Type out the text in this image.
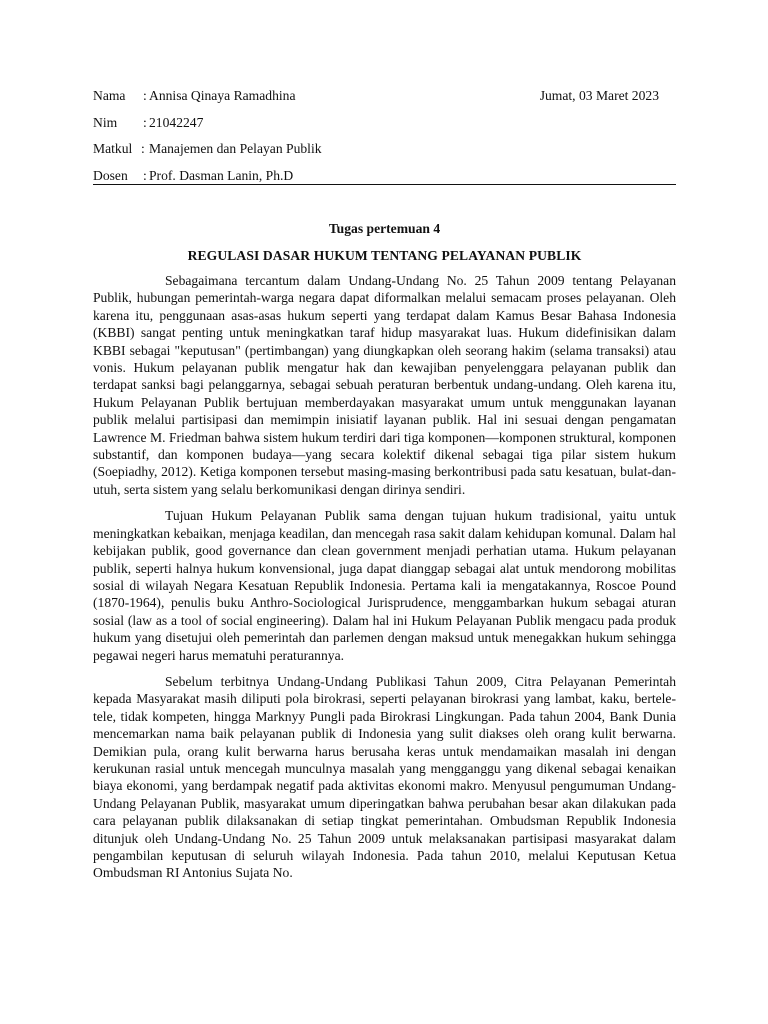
Nama : Annisa Qinaya Ramadhina	Jumat, 03 Maret 2023
Nim : 21042247
Matkul : Manajemen dan Pelayan Publik
Dosen : Prof. Dasman Lanin, Ph.D
Tugas pertemuan 4
REGULASI DASAR HUKUM TENTANG PELAYANAN PUBLIK

Sebagaimana tercantum dalam Undang-Undang No. 25 Tahun 2009 tentang Pelayanan Publik, hubungan pemerintah-warga negara dapat diformalkan melalui semacam proses pelayanan. Oleh karena itu, penggunaan asas-asas hukum seperti yang terdapat dalam Kamus Besar Bahasa Indonesia (KBBI) sangat penting untuk meningkatkan taraf hidup masyarakat luas. Hukum didefinisikan dalam KBBI sebagai "keputusan" (pertimbangan) yang diungkapkan oleh seorang hakim (selama transaksi) atau vonis. Hukum pelayanan publik mengatur hak dan kewajiban penyelenggara pelayanan publik dan terdapat sanksi bagi pelanggarnya, sebagai sebuah peraturan berbentuk undang-undang. Oleh karena itu, Hukum Pelayanan Publik bertujuan memberdayakan masyarakat umum untuk menggunakan layanan publik melalui partisipasi dan memimpin inisiatif layanan publik. Hal ini sesuai dengan pengamatan Lawrence M. Friedman bahwa sistem hukum terdiri dari tiga komponen—komponen struktural, komponen substantif, dan komponen budaya—yang secara kolektif dikenal sebagai tiga pilar sistem hukum (Soepiadhy, 2012). Ketiga komponen tersebut masing-masing berkontribusi pada satu kesatuan, bulat-dan-utuh, serta sistem yang selalu berkomunikasi dengan dirinya sendiri.

Tujuan Hukum Pelayanan Publik sama dengan tujuan hukum tradisional, yaitu untuk meningkatkan kebaikan, menjaga keadilan, dan mencegah rasa sakit dalam kehidupan komunal. Dalam hal kebijakan publik, good governance dan clean government menjadi perhatian utama. Hukum pelayanan publik, seperti halnya hukum konvensional, juga dapat dianggap sebagai alat untuk mendorong mobilitas sosial di wilayah Negara Kesatuan Republik Indonesia. Pertama kali ia mengatakannya, Roscoe Pound (1870-1964), penulis buku Anthro-Sociological Jurisprudence, menggambarkan hukum sebagai aturan sosial (law as a tool of social engineering). Dalam hal ini Hukum Pelayanan Publik mengacu pada produk hukum yang disetujui oleh pemerintah dan parlemen dengan maksud untuk menegakkan hukum sehingga pegawai negeri harus mematuhi peraturannya.

Sebelum terbitnya Undang-Undang Publikasi Tahun 2009, Citra Pelayanan Pemerintah kepada Masyarakat masih diliputi pola birokrasi, seperti pelayanan birokrasi yang lambat, kaku, bertele-tele, tidak kompeten, hingga Marknyy Pungli pada Birokrasi Lingkungan. Pada tahun 2004, Bank Dunia mencemarkan nama baik pelayanan publik di Indonesia yang sulit diakses oleh orang kulit berwarna. Demikian pula, orang kulit berwarna harus berusaha keras untuk mendamaikan masalah ini dengan kerukunan rasial untuk mencegah munculnya masalah yang mengganggu yang dikenal sebagai kenaikan biaya ekonomi, yang berdampak negatif pada aktivitas ekonomi makro. Menyusul pengumuman Undang-Undang Pelayanan Publik, masyarakat umum diperingatkan bahwa perubahan besar akan dilakukan pada cara pelayanan publik dilaksanakan di setiap tingkat pemerintahan. Ombudsman Republik Indonesia ditunjuk oleh Undang-Undang No. 25 Tahun 2009 untuk melaksanakan partisipasi masyarakat dalam pengambilan keputusan di seluruh wilayah Indonesia. Pada tahun 2010, melalui Keputusan Ketua Ombudsman RI Antonius Sujata No.
